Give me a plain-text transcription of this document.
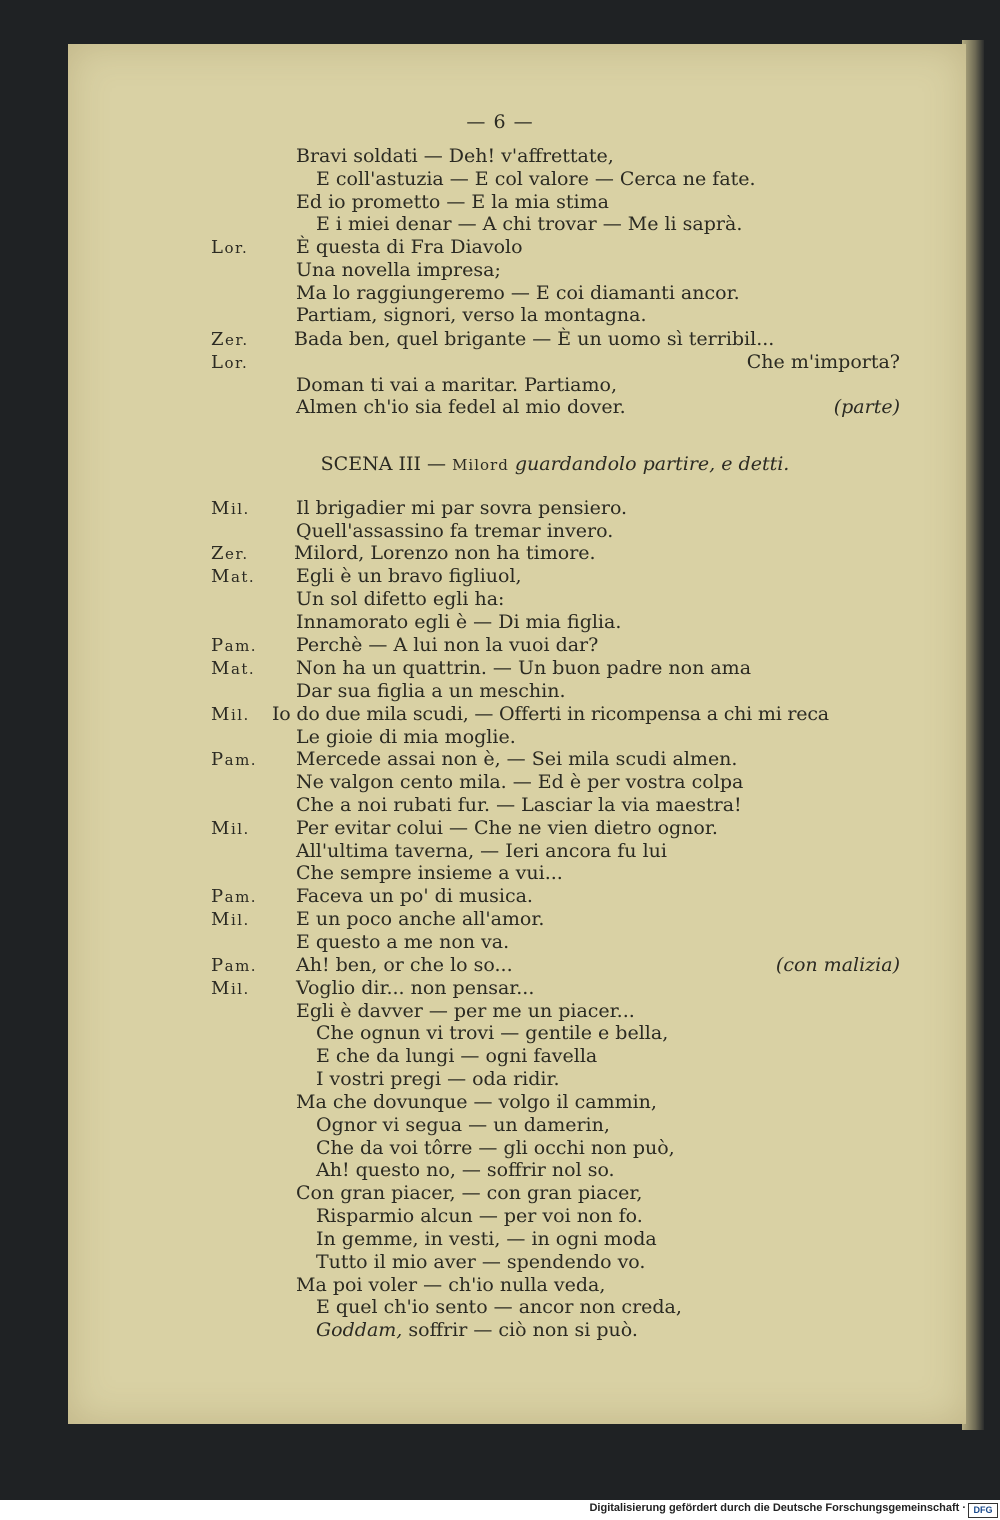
— 6 —
Bravi soldati — Deh! v'affrettate,
E coll'astuzia — E col valore — Cerca ne fate.
Ed io prometto — E la mia stima
E i miei denar — A chi trovar — Me li saprà.
Lor.	È questa di Fra Diavolo
Una novella impresa;
Ma lo raggiungeremo — E coi diamanti ancor.
Partiam, signori, verso la montagna.
Zer. Bada ben, quel brigante — È un uomo sì terribil...
Lor.	Che m'importa?
Doman ti vai a maritar. Partiamo,
Almen ch'io sia fedel al mio dover.	(parte)
SCENA III — Milord guardandolo partire, e detti.
Mil. Il brigadier mi par sovra pensiero.
Quell'assassino fa tremar invero.
Zer. Milord, Lorenzo non ha timore.
Mat. Egli è un bravo figliuol,
Un sol difetto egli ha:
Innamorato egli è — Di mia figlia.
Pam. Perchè — A lui non la vuoi dar?
Mat. Non ha un quattrin. — Un buon padre non ama
Dar sua figlia a un meschin.
Mil. Io do due mila scudi, — Offerti in ricompensa a chi mi reca
Le gioie di mia moglie.
Pam. Mercede assai non è, — Sei mila scudi almen.
Ne valgon cento mila. — Ed è per vostra colpa
Che a noi rubati fur. — Lasciar la via maestra!
Mil. Per evitar colui — Che ne vien dietro ognor.
All'ultima taverna, — Ieri ancora fu lui
Che sempre insieme a vui...
Pam. Faceva un po' di musica.
Mil. E un poco anche all'amor.
E questo a me non va.
Pam. Ah! ben, or che lo so...	(con malizia)
Mil. Voglio dir... non pensar...
Egli è davver — per me un piacer...
Che ognun vi trovi — gentile e bella,
E che da lungi — ogni favella
I vostri pregi — oda ridir.
Ma che dovunque — volgo il cammin,
Ognor vi segua — un damerin,
Che da voi tôrre — gli occhi non può,
Ah! questo no, — soffrir nol so.
Con gran piacer, — con gran piacer,
Risparmio alcun — per voi non fo.
In gemme, in vesti, — in ogni moda
Tutto il mio aver — spendendo vo.
Ma poi voler — ch'io nulla veda,
E quel ch'io sento — ancor non creda,
Goddam, soffrir — ciò non si può.
Digitalisierung gefördert durch die Deutsche Forschungsgemeinschaft · DFG
